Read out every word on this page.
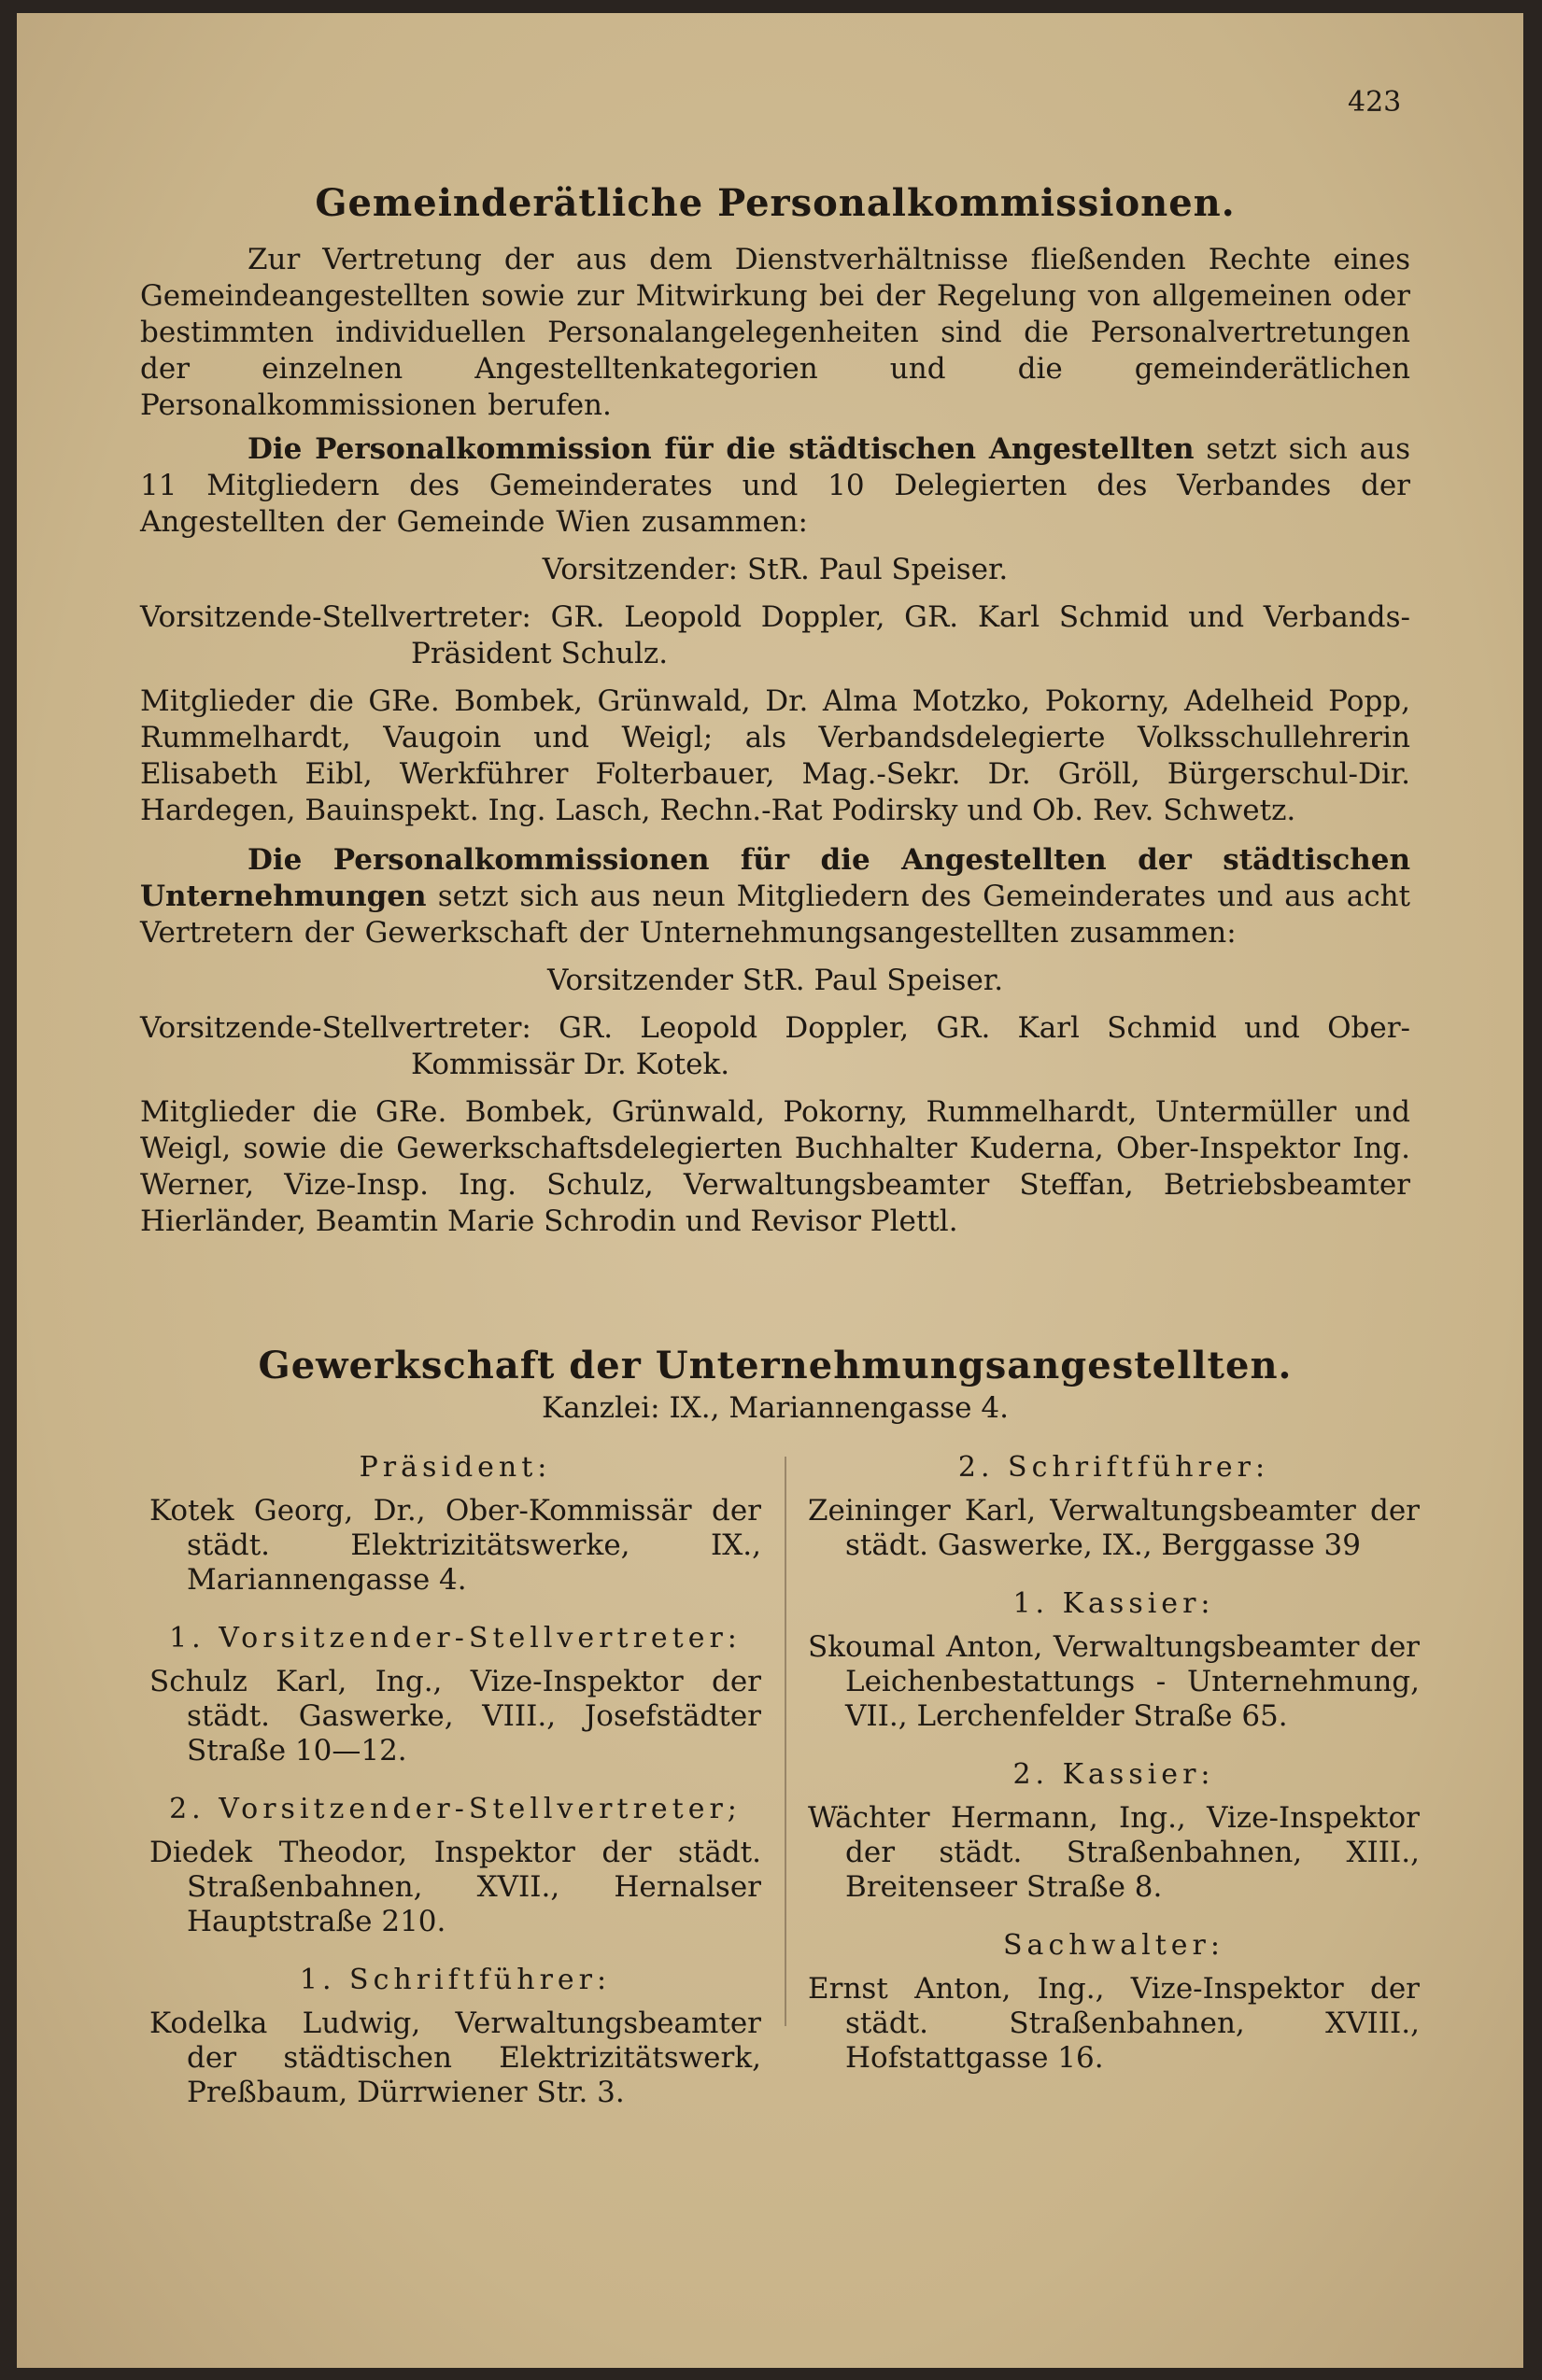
423
Gemeinderätliche Personalkommissionen.

Zur Vertretung der aus dem Dienstverhältnisse fließenden Rechte eines Gemeindeangestellten sowie zur Mitwirkung bei der Regelung von allgemeinen oder bestimmten individuellen Personalangelegenheiten sind die Personalvertretungen der einzelnen Angestelltenkategorien und die gemeinderätlichen Personalkommissionen berufen.

Die Personalkommission für die städtischen Angestellten setzt sich aus 11 Mitgliedern des Gemeinderates und 10 Delegierten des Verbandes der Angestellten der Gemeinde Wien zusammen:

Vorsitzender: StR. Paul Speiser.
Vorsitzende-Stellvertreter: GR. Leopold Doppler, GR. Karl Schmid und Verbands-Präsident Schulz.

Mitglieder die GRe. Bombek, Grünwald, Dr. Alma Motzko, Pokorny, Adelheid Popp, Rummelhardt, Vaugoin und Weigl; als Verbandsdelegierte Volksschullehrerin Elisabeth Eibl, Werkführer Folterbauer, Mag.-Sekr. Dr. Gröll, Bürgerschul-Dir. Hardegen, Bauinspekt. Ing. Lasch, Rechn.-Rat Podirsky und Ob. Rev. Schwetz.

Die Personalkommissionen für die Angestellten der städtischen Unternehmungen setzt sich aus neun Mitgliedern des Gemeinderates und aus acht Vertretern der Gewerkschaft der Unternehmungsangestellten zusammen:

Vorsitzender StR. Paul Speiser.
Vorsitzende-Stellvertreter: GR. Leopold Doppler, GR. Karl Schmid und Ober-Kommissär Dr. Kotek.

Mitglieder die GRe. Bombek, Grünwald, Pokorny, Rummelhardt, Untermüller und Weigl, sowie die Gewerkschaftsdelegierten Buchhalter Kuderna, Ober-Inspektor Ing. Werner, Vize-Insp. Ing. Schulz, Verwaltungsbeamter Steffan, Betriebsbeamter Hierländer, Beamtin Marie Schrodin und Revisor Plettl.

Gewerkschaft der Unternehmungsangestellten.
Kanzlei: IX., Mariannengasse 4.
Präsident:
Kotek Georg, Dr., Ober-Kommissär der städt. Elektrizitätswerke, IX., Mariannengasse 4.
1. Vorsitzender-Stellvertreter:
Schulz Karl, Ing., Vize-Inspektor der städt. Gaswerke, VIII., Josefstädter Straße 10—12.
2. Vorsitzender-Stellvertreter;
Diedek Theodor, Inspektor der städt. Straßenbahnen, XVII., Hernalser Hauptstraße 210.
1. Schriftführer:
Kodelka Ludwig, Verwaltungsbeamter der städtischen Elektrizitätswerk, Preßbaum, Dürrwiener Str. 3.
2. Schriftführer:
Zeininger Karl, Verwaltungsbeamter der städt. Gaswerke, IX., Berggasse 39
1. Kassier:
Skoumal Anton, Verwaltungsbeamter der Leichenbestattungs - Unternehmung, VII., Lerchenfelder Straße 65.
2. Kassier:
Wächter Hermann, Ing., Vize-Inspektor der städt. Straßenbahnen, XIII., Breitenseer Straße 8.
Sachwalter:
Ernst Anton, Ing., Vize-Inspektor der städt. Straßenbahnen, XVIII., Hofstattgasse 16.
